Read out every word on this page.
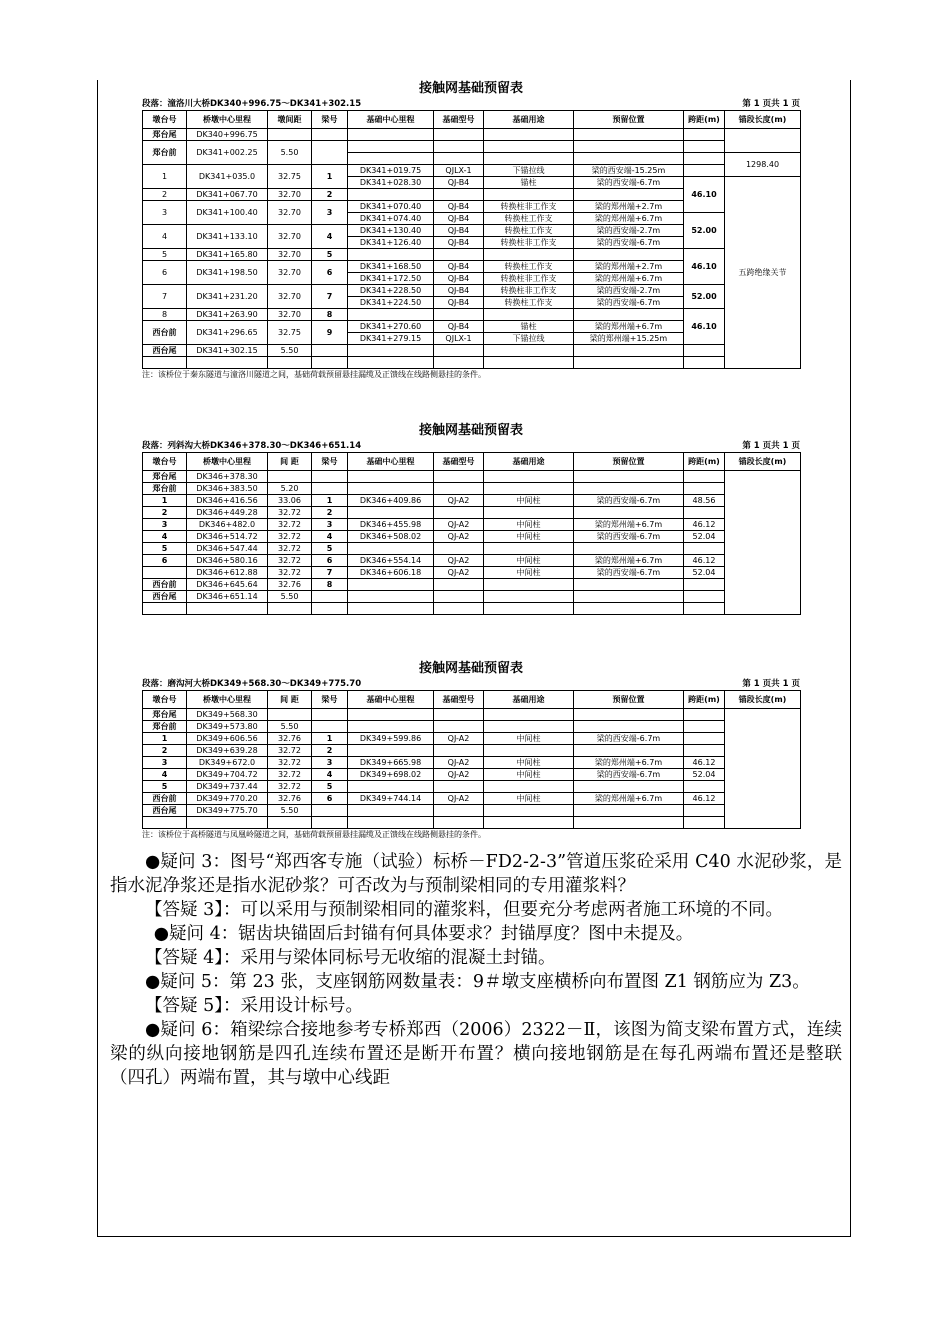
接触网基础预留表
段落：潼洛川大桥DK340+996.75～DK341+302.15	第 1 页共 1 页
墩台号	桥墩中心里程	墩间距	梁号	基础中心里程	基础型号	基础用途	预留位置	跨距(m)	锚段长度(m)	
郑台尾	DK340+996.75									
郑台前	DK341+002.25	5.50								
									1298.40	
1	DK341+035.0	32.75	1	DK341+019.75	QJLX-1	下锚拉线	梁的西安端-15.25m			
				DK341+028.30	QJ-B4	锚柱	梁的西安端-6.7m	46.10	五跨绝缘关节	
2	DK341+067.70	32.70	2							
3	DK341+100.40	32.70	3	DK341+070.40	QJ-B4	转换柱非工作支	梁的郑州端+2.7m			
				DK341+074.40	QJ-B4	转换柱工作支	梁的郑州端+6.7m	52.00		
4	DK341+133.10	32.70	4	DK341+130.40	QJ-B4	转换柱工作支	梁的西安端-2.7m			
				DK341+126.40	QJ-B4	转换柱非工作支	梁的西安端-6.7m			
5	DK341+165.80	32.70	5					46.10		
6	DK341+198.50	32.70	6	DK341+168.50	QJ-B4	转换柱工作支	梁的郑州端+2.7m			
				DK341+172.50	QJ-B4	转换柱非工作支	梁的郑州端+6.7m			
7	DK341+231.20	32.70	7	DK341+228.50	QJ-B4	转换柱非工作支	梁的西安端-2.7m	52.00		
				DK341+224.50	QJ-B4	转换柱工作支	梁的西安端-6.7m			
8	DK341+263.90	32.70	8					46.10		
西台前	DK341+296.65	32.75	9	DK341+270.60	QJ-B4	锚柱	梁的郑州端+6.7m			
				DK341+279.15	QJLX-1	下锚拉线	梁的郑州端+15.25m			
西台尾	DK341+302.15	5.50								

注：该桥位于秦东隧道与潼洛川隧道之间，基础荷载预留悬挂漏缆及正馈线在线路侧悬挂的条件。
接触网基础预留表
段落：列斜沟大桥DK346+378.30～DK346+651.14	第 1 页共 1 页
墩台号	桥墩中心里程	间 距	梁号	基础中心里程	基础型号	基础用途	预留位置	跨距(m)	锚段长度(m)
郑台尾	DK346+378.30								
郑台前	DK346+383.50	5.20							
1	DK346+416.56	33.06	1	DK346+409.86	QJ-A2	中间柱	梁的西安端-6.7m	48.56	
2	DK346+449.28	32.72	2						
3	DK346+482.0	32.72	3	DK346+455.98	QJ-A2	中间柱	梁的郑州端+6.7m	46.12	
4	DK346+514.72	32.72	4	DK346+508.02	QJ-A2	中间柱	梁的西安端-6.7m	52.04	
5	DK346+547.44	32.72	5						
6	DK346+580.16	32.72	6	DK346+554.14	QJ-A2	中间柱	梁的郑州端+6.7m	46.12	
	DK346+612.88	32.72	7	DK346+606.18	QJ-A2	中间柱	梁的西安端-6.7m	52.04	
西台前	DK346+645.64	32.76	8						
西台尾	DK346+651.14	5.50							

接触网基础预留表
段落：磨沟河大桥DK349+568.30～DK349+775.70	第 1 页共 1 页
墩台号	桥墩中心里程	间 距	梁号	基础中心里程	基础型号	基础用途	预留位置	跨距(m)	锚段长度(m)
郑台尾	DK349+568.30								
郑台前	DK349+573.80	5.50							
1	DK349+606.56	32.76	1	DK349+599.86	QJ-A2	中间柱	梁的西安端-6.7m		
2	DK349+639.28	32.72	2						
3	DK349+672.0	32.72	3	DK349+665.98	QJ-A2	中间柱	梁的郑州端+6.7m	46.12	
4	DK349+704.72	32.72	4	DK349+698.02	QJ-A2	中间柱	梁的西安端-6.7m	52.04	
5	DK349+737.44	32.72	5						
西台前	DK349+770.20	32.76	6	DK349+744.14	QJ-A2	中间柱	梁的郑州端+6.7m	46.12	
西台尾	DK349+775.70	5.50							

注：该桥位于高桥隧道与凤凰岭隧道之间，基础荷载预留悬挂漏缆及正馈线在线路侧悬挂的条件。

●疑问 3：图号“郑西客专施（试验）标桥－FD2-2-3”管道压浆砼采用 C40 水泥砂浆，是指水泥净浆还是指水泥砂浆？可否改为与预制梁相同的专用灌浆料？

【答疑 3】：可以采用与预制梁相同的灌浆料，但要充分考虑两者施工环境的不同。

●疑问 4：锯齿块锚固后封锚有何具体要求？封锚厚度？图中未提及。

【答疑 4】：采用与梁体同标号无收缩的混凝土封锚。

●疑问 5：第 23 张，支座钢筋网数量表：9＃墩支座横桥向布置图 Z1 钢筋应为 Z3。

【答疑 5】：采用设计标号。

●疑问 6：箱梁综合接地参考专桥郑西（2006）2322－Ⅱ，该图为简支梁布置方式，连续梁的纵向接地钢筋是四孔连续布置还是断开布置？横向接地钢筋是在每孔两端布置还是整联（四孔）两端布置，其与墩中心线距
